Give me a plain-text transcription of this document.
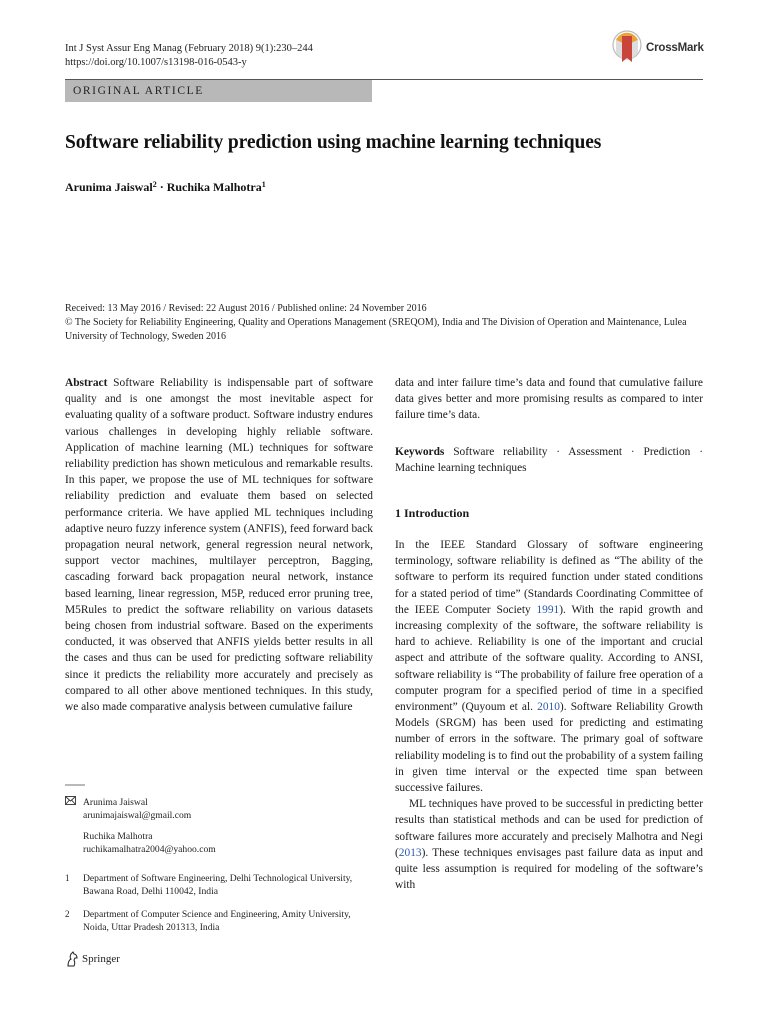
Int J Syst Assur Eng Manag (February 2018) 9(1):230–244
https://doi.org/10.1007/s13198-016-0543-y
CrossMark
ORIGINAL ARTICLE
Software reliability prediction using machine learning techniques
Arunima Jaiswal$^2$ · Ruchika Malhotra$^1$
Received: 13 May 2016 / Revised: 22 August 2016 / Published online: 24 November 2016
© The Society for Reliability Engineering, Quality and Operations Management (SREQOM), India and The Division of Operation and Maintenance, Lulea University of Technology, Sweden 2016

Abstract Software Reliability is indispensable part of software quality and is one amongst the most inevitable aspect for evaluating quality of a software product. Software industry endures various challenges in developing highly reliable software. Application of machine learning (ML) techniques for software reliability prediction has shown meticulous and remarkable results. In this paper, we propose the use of ML techniques for software reliability prediction and evaluate them based on selected performance criteria. We have applied ML techniques including adaptive neuro fuzzy inference system (ANFIS), feed forward back propagation neural network, general regression neural network, support vector machines, multilayer perceptron, Bagging, cascading forward back propagation neural network, instance based learning, linear regression, M5P, reduced error pruning tree, M5Rules to predict the software reliability on various datasets being chosen from industrial software. Based on the experiments conducted, it was observed that ANFIS yields better results in all the cases and thus can be used for predicting software reliability since it predicts the reliability more accurately and precisely as compared to all other above mentioned techniques. In this study, we also made comparative analysis between cumulative failure

Arunima Jaiswal
arunimajaiswal@gmail.com
Ruchika Malhotra
ruchikamalhatra2004@yahoo.com
1	Department of Software Engineering, Delhi Technological University, Bawana Road, Delhi 110042, India
2	Department of Computer Science and Engineering, Amity University, Noida, Uttar Pradesh 201313, India

data and inter failure time’s data and found that cumulative failure data gives better and more promising results as compared to inter failure time’s data.

Keywords Software reliability · Assessment · Prediction · Machine learning techniques

1 Introduction

In the IEEE Standard Glossary of software engineering terminology, software reliability is defined as “The ability of the software to perform its required function under stated conditions for a stated period of time” (Standards Coordinating Committee of the IEEE Computer Society 1991). With the rapid growth and increasing complexity of the software, the software reliability is hard to achieve. Reliability is one of the important and crucial aspect and attribute of the software quality. According to ANSI, software reliability is “The probability of failure free operation of a computer program for a specified period of time in a specified environment” (Quyoum et al. 2010). Software Reliability Growth Models (SRGM) has been used for predicting and estimating number of errors in the software. The primary goal of software reliability modeling is to find out the probability of a system failing in given time interval or the expected time span between successive failures.

ML techniques have proved to be successful in predicting better results than statistical methods and can be used for prediction of software failures more accurately and precisely Malhotra and Negi (2013). These techniques envisages past failure data as input and quite less assumption is required for modeling of the software’s with

Springer
